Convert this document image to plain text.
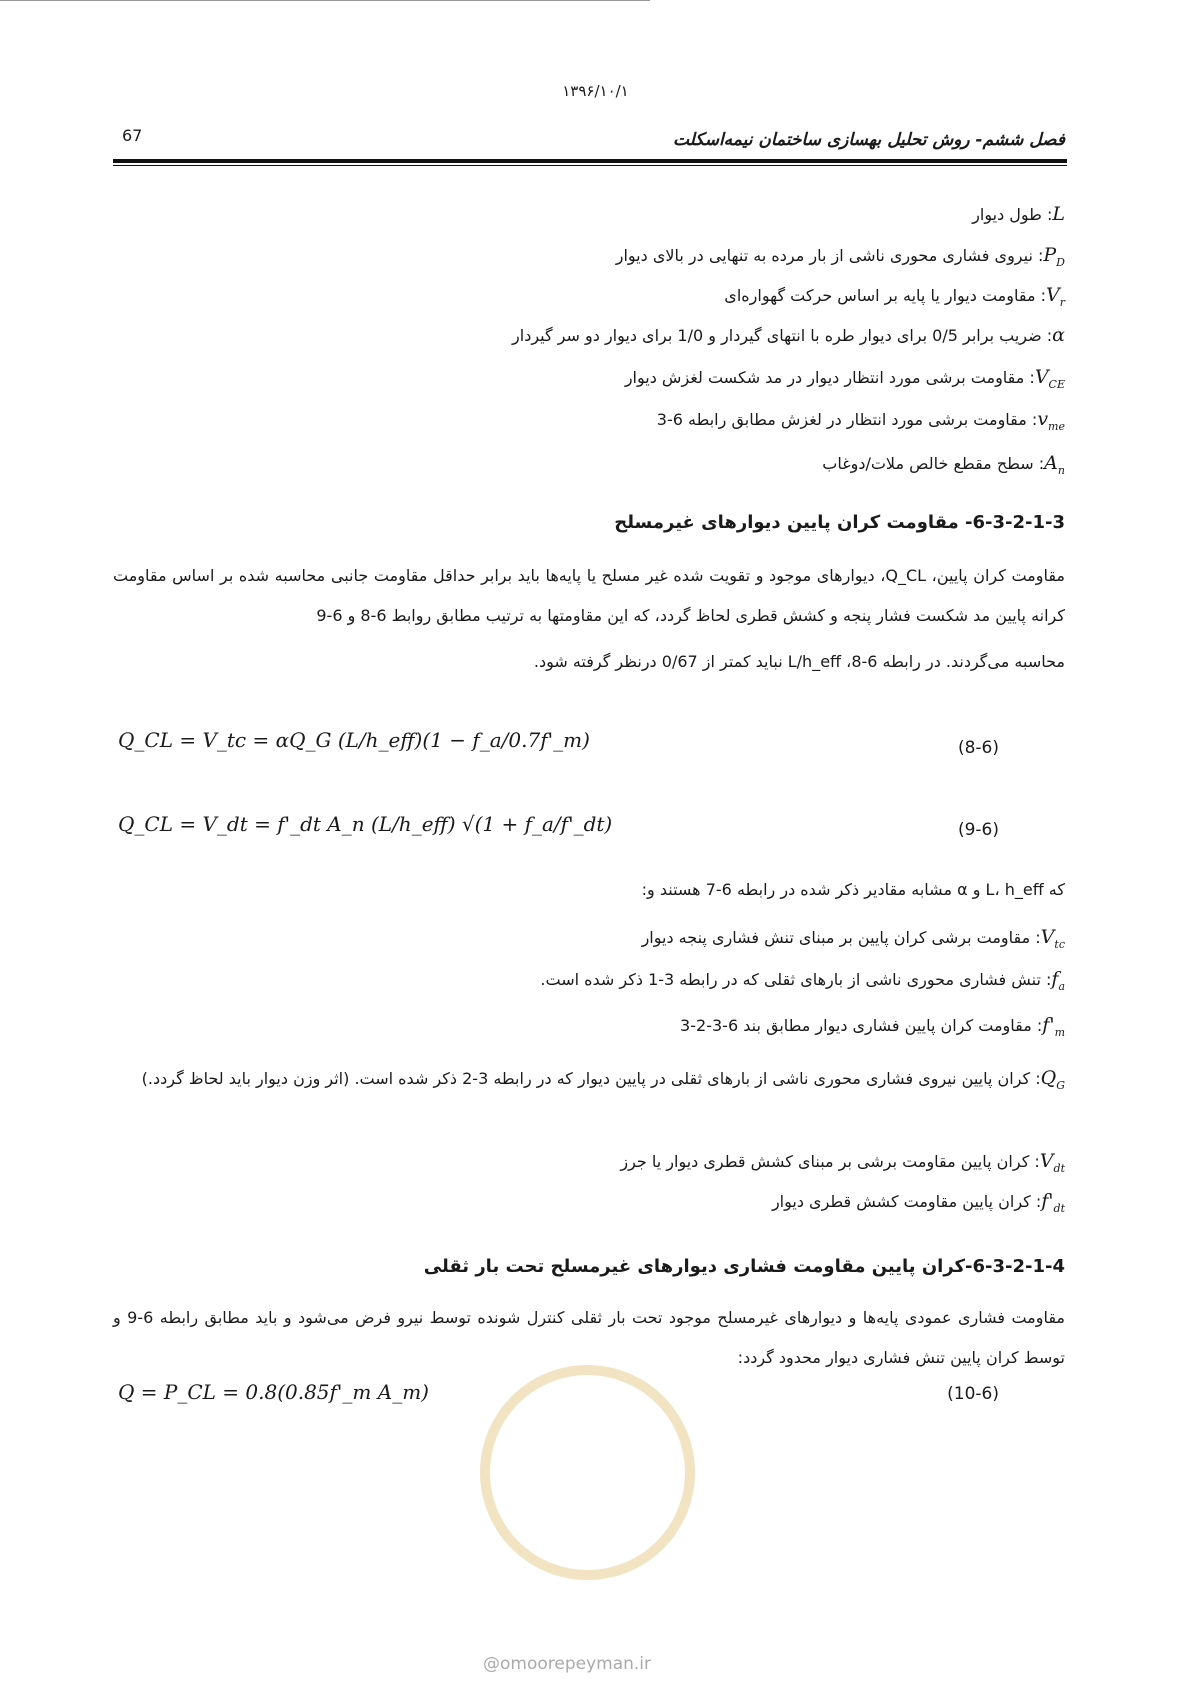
۱۳۹۶/۱۰/۱
67	فصل ششم- روش تحلیل بهسازی ساختمان نیمه‌اسکلت
L: طول دیوار
$P_D$: نیروی فشاری محوری ناشی از بار مرده به تنهایی در بالای دیوار
$V_r$: مقاومت دیوار یا پایه بر اساس حرکت گهواره‌ای
α: ضریب برابر 0/5 برای دیوار طره با انتهای گیردار و 1/0 برای دیوار دو سر گیردار
$V_{CE}$: مقاومت برشی مورد انتظار دیوار در مد شکست لغزش دیوار
$v_{me}$: مقاومت برشی مورد انتظار در لغزش مطابق رابطه 6-3
$A_n$: سطح مقطع خالص ملات/دوغاب
6-3-2-1-3- مقاومت کران پایین دیوارهای غیرمسلح
مقاومت کران پایین، Q_CL، دیوارهای موجود و تقویت شده غیر مسلح یا پایه‌ها باید برابر حداقل مقاومت جانبی محاسبه شده بر اساس مقاومت کرانه پایین مد شکست فشار پنجه و کشش قطری لحاظ گردد، که این مقاومتها به ترتیب مطابق روابط 6-8 و 6-9
محاسبه می‌گردند. در رابطه 6-8، L/h_eff نباید کمتر از 0/67 درنظر گرفته شود.
Q_CL = V_tc = αQ_G (L/h_eff)(1 − f_a/0.7f'_m)	(8-6)
Q_CL = V_dt = f'_dt A_n (L/h_eff) √(1 + f_a/f'_dt)	(9-6)
که L، h_eff و α مشابه مقادیر ذکر شده در رابطه 6-7 هستند و:
$V_{tc}$: مقاومت برشی کران پایین بر مبنای تنش فشاری پنجه دیوار
$f_a$: تنش فشاری محوری ناشی از بارهای ثقلی که در رابطه 3-1 ذکر شده است.
$f'_m$: مقاومت کران پایین فشاری دیوار مطابق بند 6-3-2-3
$Q_G$: کران پایین نیروی فشاری محوری ناشی از بارهای ثقلی در پایین دیوار که در رابطه 3-2 ذکر شده است. (اثر وزن دیوار باید لحاظ گردد.)
$V_{dt}$: کران پایین مقاومت برشی بر مبنای کشش قطری دیوار یا جرز
$f'_{dt}$: کران پایین مقاومت کشش قطری دیوار
6-3-2-1-4-کران پایین مقاومت فشاری دیوارهای غیرمسلح تحت بار ثقلی
مقاومت فشاری عمودی پایه‌ها و دیوارهای غیرمسلح موجود تحت بار ثقلی کنترل شونده توسط نیرو فرض می‌شود و باید مطابق رابطه 6-9 و توسط کران پایین تنش فشاری دیوار محدود گردد:
Q = P_CL = 0.8(0.85f'_m A_m)	(10-6)
@omoorepeyman.ir
